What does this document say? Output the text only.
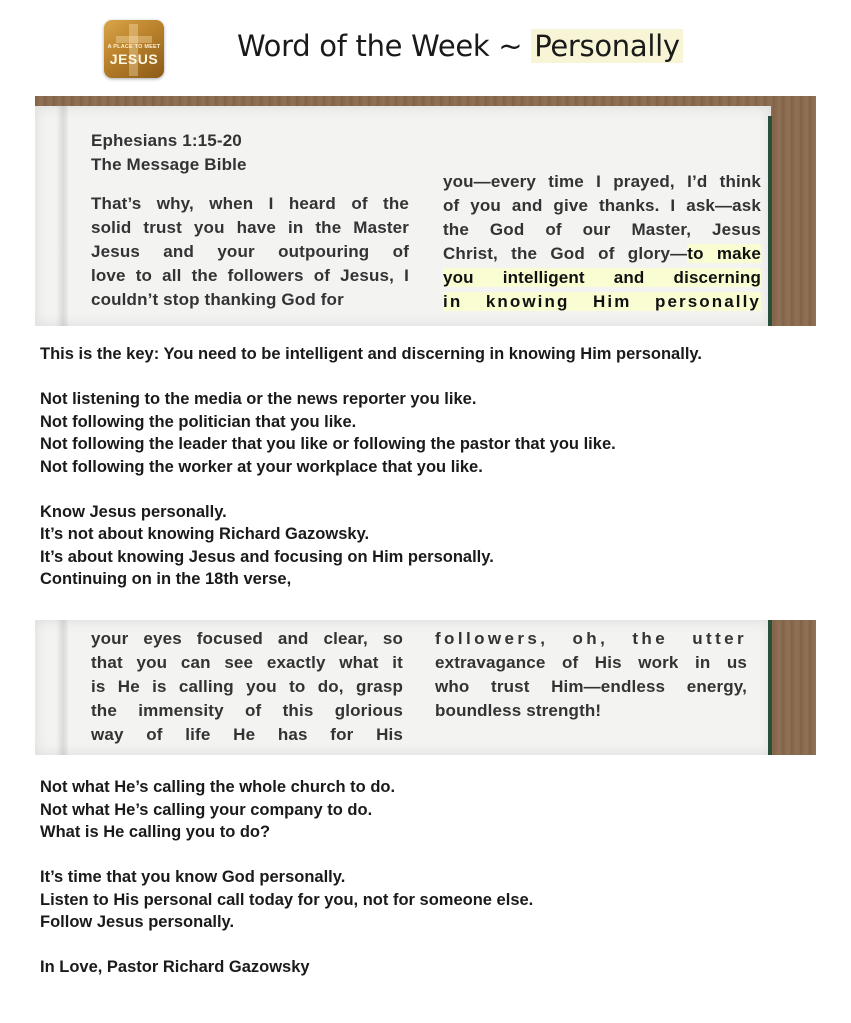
A PLACE TO MEET
JESUS	Word of the Week ~ Personally
Ephesians 1:15-20
The Message Bible
That’s why, when I heard of the
solid trust you have in the Master
Jesus and your outpouring of
love to all the followers of Jesus, I
couldn’t stop thanking God for
you—every time I prayed, I’d think
of you and give thanks. I ask—ask
the God of our Master, Jesus
Christ, the God of glory—to make
you intelligent and discerning
in knowing Him personally
This is the key: You need to be intelligent and discerning in knowing Him personally.
Not listening to the media or the news reporter you like.
Not following the politician that you like.
Not following the leader that you like or following the pastor that you like.
Not following the worker at your workplace that you like.
Know Jesus personally.
It’s not about knowing Richard Gazowsky.
It’s about knowing Jesus and focusing on Him personally.
Continuing on in the 18th verse,
your eyes focused and clear, so
that you can see exactly what it
is He is calling you to do, grasp
the immensity of this glorious
way of life He has for His
followers, oh, the utter
extravagance of His work in us
who trust Him—endless energy,
boundless strength!
Not what He’s calling the whole church to do.
Not what He’s calling your company to do.
What is He calling you to do?
It’s time that you know God personally.
Listen to His personal call today for you, not for someone else.
Follow Jesus personally.
In Love, Pastor Richard Gazowsky
